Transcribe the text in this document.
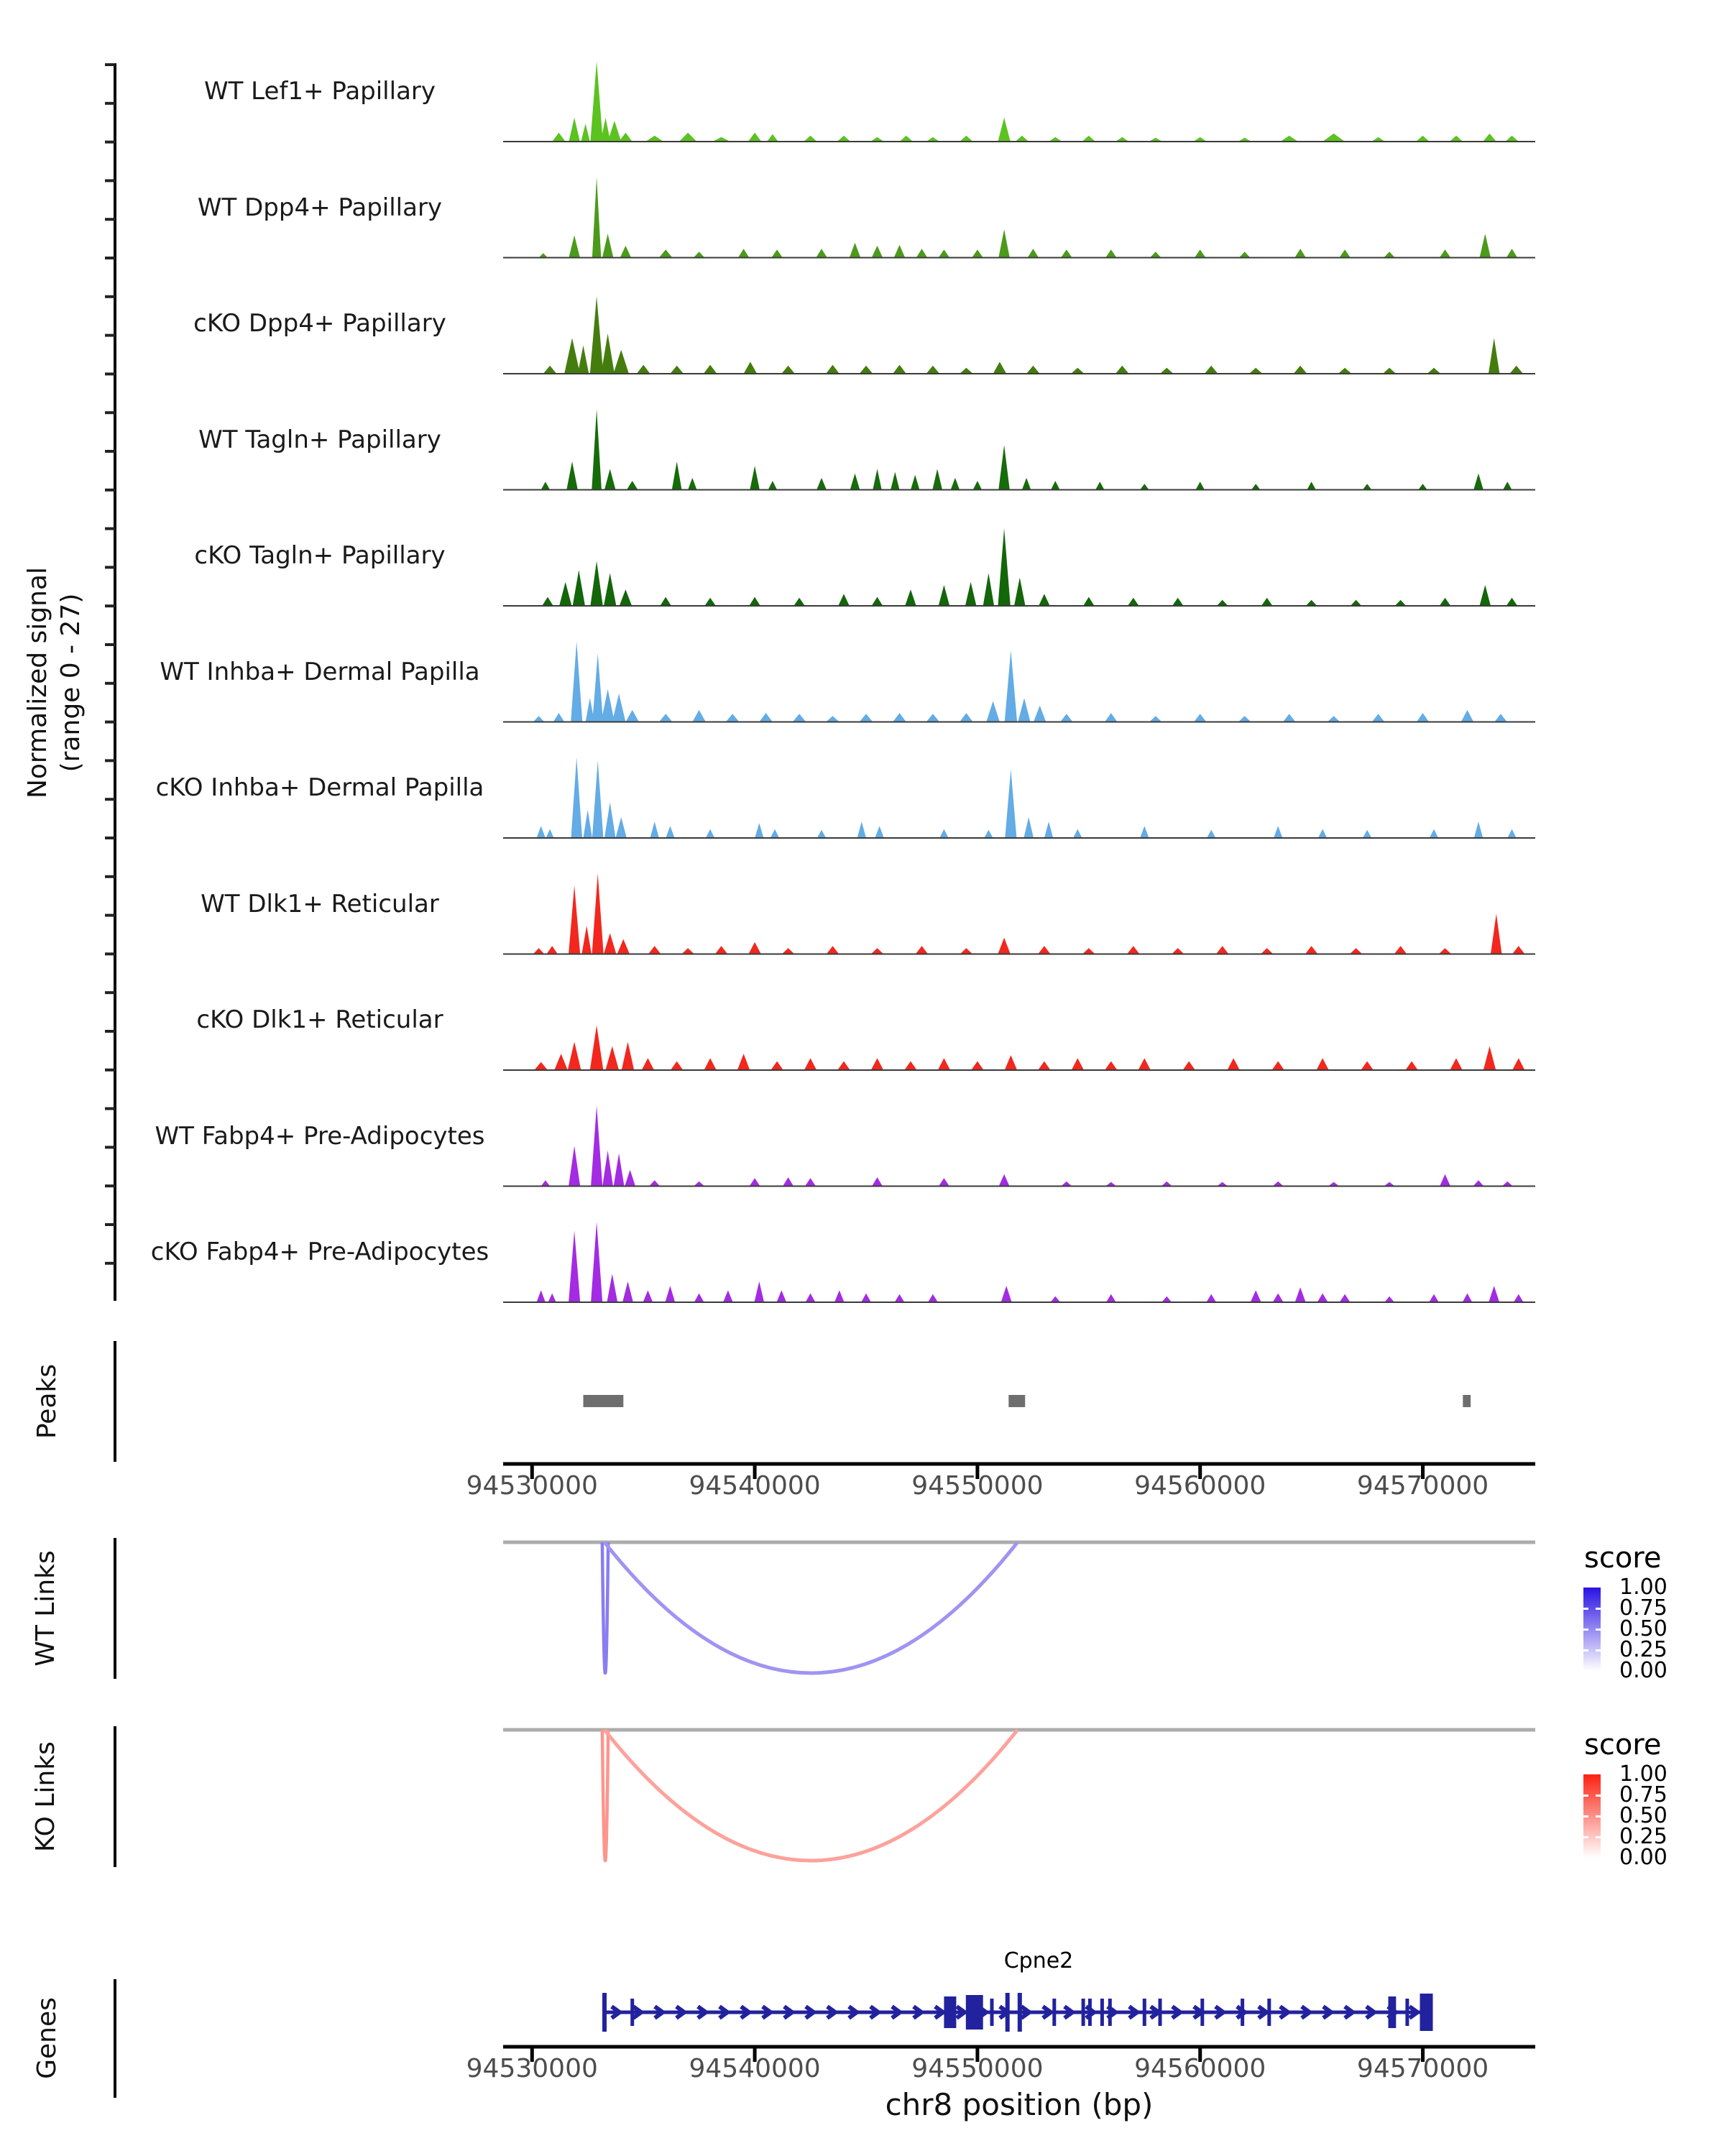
Normalized signal (range 0 - 27)
Peaks
WT Links
KO Links
Genes
WT Lef1+ Papillary
WT Dpp4+ Papillary
cKO Dpp4+ Papillary
WT Tagln+ Papillary
cKO Tagln+ Papillary
WT Inhba+ Dermal Papilla
cKO Inhba+ Dermal Papilla
WT Dlk1+ Reticular
cKO Dlk1+ Reticular
WT Fabp4+ Pre-Adipocytes
cKO Fabp4+ Pre-Adipocytes
94530000	94540000	94550000	94560000	94570000
94530000	94540000	94550000	94560000	94570000
Cpne2
score
1.00
0.75
0.50
0.25
0.00
score
1.00
0.75
0.50
0.25
0.00
chr8 position (bp)
